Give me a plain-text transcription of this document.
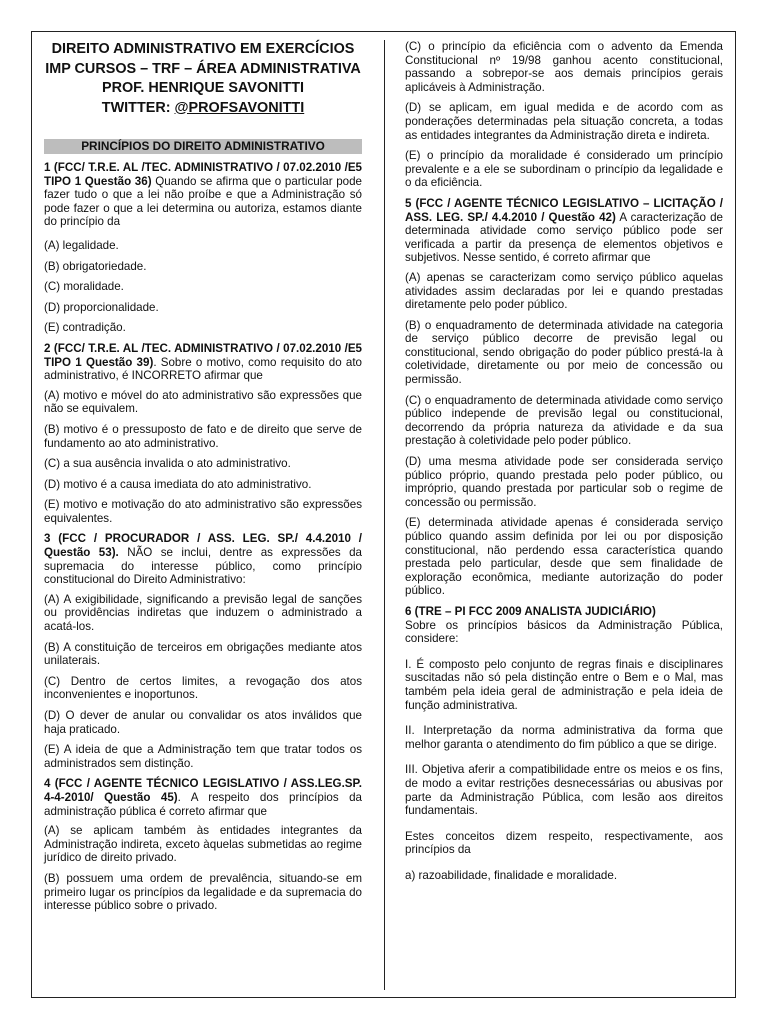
DIREITO ADMINISTRATIVO EM EXERCÍCIOS
IMP CURSOS – TRF – ÁREA ADMINISTRATIVA
PROF. HENRIQUE SAVONITTI
TWITTER: @PROFSAVONITTI
PRINCÍPIOS DO DIREITO ADMINISTRATIVO

1 (FCC/ T.R.E. AL /TEC. ADMINISTRATIVO / 07.02.2010 /E5 TIPO 1 Questão 36) Quando se afirma que o particular pode fazer tudo o que a lei não proíbe e que a Administração só pode fazer o que a lei determina ou autoriza, estamos diante do princípio da

(A) legalidade.

(B) obrigatoriedade.

(C) moralidade.

(D) proporcionalidade.

(E) contradição.

2 (FCC/ T.R.E. AL /TEC. ADMINISTRATIVO / 07.02.2010 /E5 TIPO 1 Questão 39). Sobre o motivo, como requisito do ato administrativo, é INCORRETO afirmar que

(A) motivo e móvel do ato administrativo são expressões que não se equivalem.

(B) motivo é o pressuposto de fato e de direito que serve de fundamento ao ato administrativo.

(C) a sua ausência invalida o ato administrativo.

(D) motivo é a causa imediata do ato administrativo.

(E) motivo e motivação do ato administrativo são expressões equivalentes.

3 (FCC / PROCURADOR / ASS. LEG. SP./ 4.4.2010 / Questão 53). NÃO se inclui, dentre as expressões da supremacia do interesse público, como princípio constitucional do Direito Administrativo:

(A) A exigibilidade, significando a previsão legal de sanções ou providências indiretas que induzem o administrado a acatá-los.

(B) A constituição de terceiros em obrigações mediante atos unilaterais.

(C) Dentro de certos limites, a revogação dos atos inconvenientes e inoportunos.

(D) O dever de anular ou convalidar os atos inválidos que haja praticado.

(E) A ideia de que a Administração tem que tratar todos os administrados sem distinção.

4 (FCC / AGENTE TÉCNICO LEGISLATIVO / ASS.LEG.SP. 4-4-2010/ Questão 45). A respeito dos princípios da administração pública é correto afirmar que

(A) se aplicam também às entidades integrantes da Administração indireta, exceto àquelas submetidas ao regime jurídico de direito privado.

(B) possuem uma ordem de prevalência, situando-se em primeiro lugar os princípios da legalidade e da supremacia do interesse público sobre o privado.

(C) o princípio da eficiência com o advento da Emenda Constitucional nº 19/98 ganhou acento constitucional, passando a sobrepor-se aos demais princípios gerais aplicáveis à Administração.

(D) se aplicam, em igual medida e de acordo com as ponderações determinadas pela situação concreta, a todas as entidades integrantes da Administração direta e indireta.

(E) o princípio da moralidade é considerado um princípio prevalente e a ele se subordinam o princípio da legalidade e o da eficiência.

5 (FCC / AGENTE TÉCNICO LEGISLATIVO – LICITAÇÃO / ASS. LEG. SP./ 4.4.2010 / Questão 42) A caracterização de determinada atividade como serviço público pode ser verificada a partir da presença de elementos objetivos e subjetivos. Nesse sentido, é correto afirmar que

(A) apenas se caracterizam como serviço público aquelas atividades assim declaradas por lei e quando prestadas diretamente pelo poder público.

(B) o enquadramento de determinada atividade na categoria de serviço público decorre de previsão legal ou constitucional, sendo obrigação do poder público prestá-la à coletividade, diretamente ou por meio de concessão ou permissão.

(C) o enquadramento de determinada atividade como serviço público independe de previsão legal ou constitucional, decorrendo da própria natureza da atividade e da sua prestação à coletividade pelo poder público.

(D) uma mesma atividade pode ser considerada serviço público próprio, quando prestada pelo poder público, ou impróprio, quando prestada por particular sob o regime de concessão ou permissão.

(E) determinada atividade apenas é considerada serviço público quando assim definida por lei ou por disposição constitucional, não perdendo essa característica quando prestada pelo particular, desde que sem finalidade de exploração econômica, mediante autorização do poder público.

6 (TRE – PI FCC 2009 ANALISTA JUDICIÁRIO)
Sobre os princípios básicos da Administração Pública, considere:

I. É composto pelo conjunto de regras finais e disciplinares suscitadas não só pela distinção entre o Bem e o Mal, mas também pela ideia geral de administração e pela ideia de função administrativa.

II. Interpretação da norma administrativa da forma que melhor garanta o atendimento do fim público a que se dirige.

III. Objetiva aferir a compatibilidade entre os meios e os fins, de modo a evitar restrições desnecessárias ou abusivas por parte da Administração Pública, com lesão aos direitos fundamentais.

Estes conceitos dizem respeito, respectivamente, aos princípios da

a) razoabilidade, finalidade e moralidade.
